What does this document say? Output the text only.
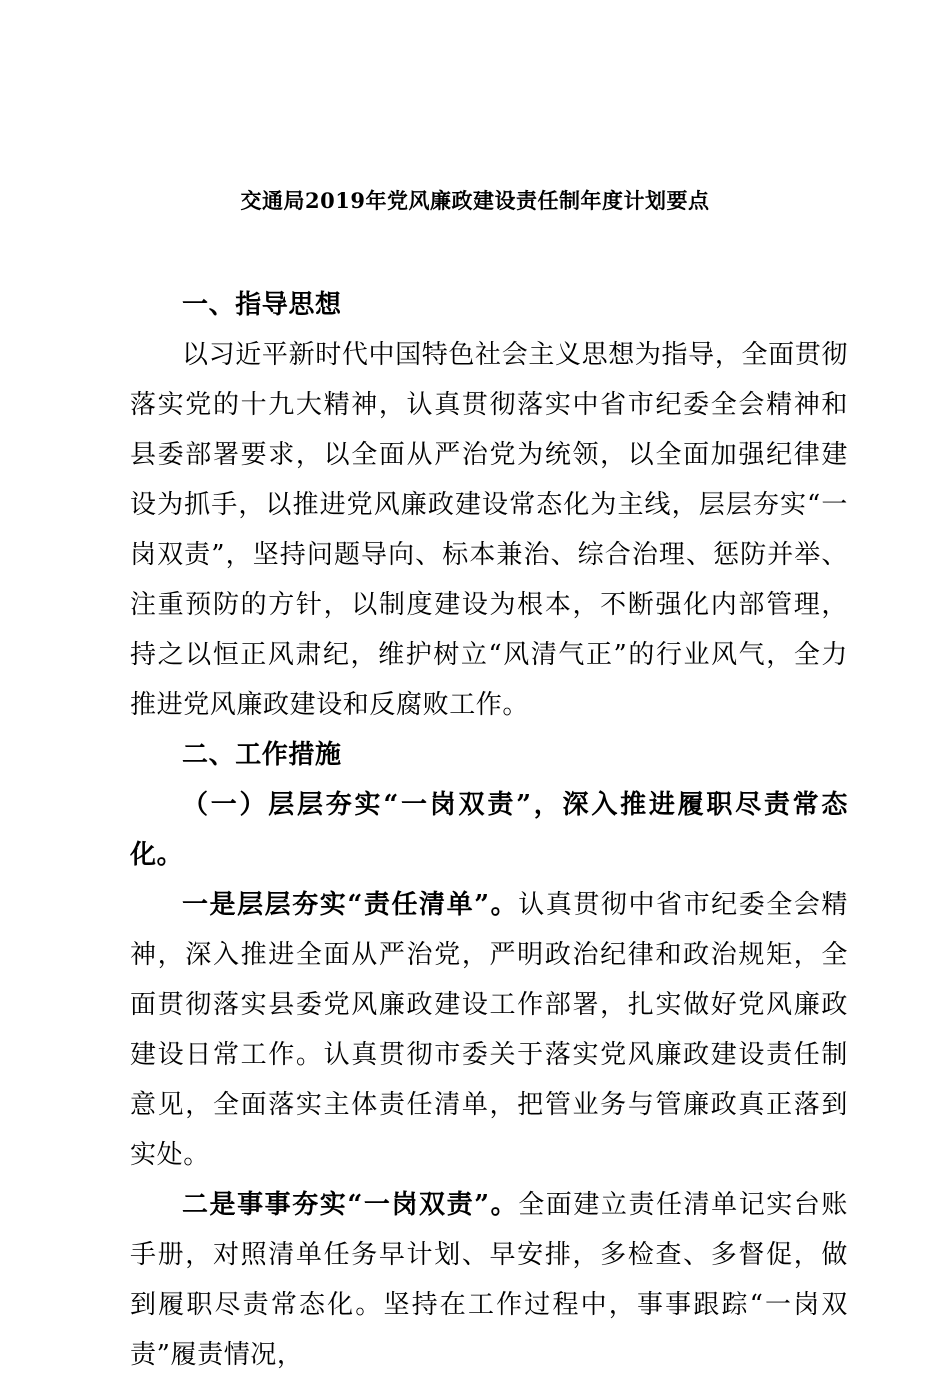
交通局2019年党风廉政建设责任制年度计划要点

一、指导思想

以习近平新时代中国特色社会主义思想为指导，全面贯彻落实党的十九大精神，认真贯彻落实中省市纪委全会精神和县委部署要求，以全面从严治党为统领，以全面加强纪律建设为抓手，以推进党风廉政建设常态化为主线，层层夯实“一岗双责”，坚持问题导向、标本兼治、综合治理、惩防并举、注重预防的方针，以制度建设为根本，不断强化内部管理，持之以恒正风肃纪，维护树立“风清气正”的行业风气，全力推进党风廉政建设和反腐败工作。

二、工作措施

（一）层层夯实“一岗双责”，深入推进履职尽责常态化。

一是层层夯实“责任清单”。认真贯彻中省市纪委全会精神，深入推进全面从严治党，严明政治纪律和政治规矩，全面贯彻落实县委党风廉政建设工作部署，扎实做好党风廉政建设日常工作。认真贯彻市委关于落实党风廉政建设责任制意见，全面落实主体责任清单，把管业务与管廉政真正落到实处。

二是事事夯实“一岗双责”。全面建立责任清单记实台账手册，对照清单任务早计划、早安排，多检查、多督促，做到履职尽责常态化。坚持在工作过程中，事事跟踪“一岗双责”履责情况，
